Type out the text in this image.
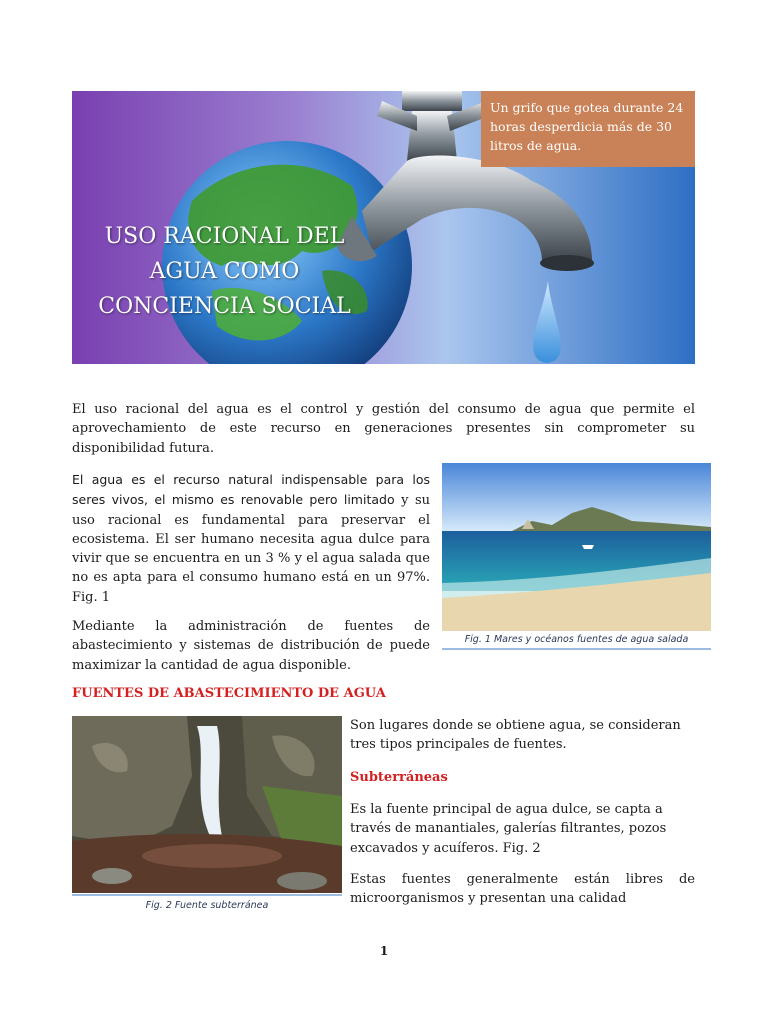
USO RACIONAL DEL
AGUA COMO
CONCIENCIA SOCIAL
Un grifo que gotea durante 24 horas desperdicia más de 30 litros de agua.

El uso racional del agua es el control y gestión del consumo de agua que permite el aprovechamiento de este recurso en generaciones presentes sin comprometer su disponibilidad futura.

El agua es el recurso natural indispensable para los seres vivos, el mismo es renovable pero limitado y su uso racional es fundamental para preservar el ecosistema. El ser humano necesita agua dulce para vivir que se encuentra en un 3 % y el agua salada que no es apta para el consumo humano está en un 97%. Fig. 1

Mediante la administración de fuentes de abastecimiento y sistemas de distribución de puede maximizar la cantidad de agua disponible.

Fig. 1 Mares y océanos fuentes de agua salada
FUENTES DE ABASTECIMIENTO DE AGUA
Fig. 2 Fuente subterránea

Son lugares donde se obtiene agua, se consideran tres tipos principales de fuentes.

Subterráneas

Es la fuente principal de agua dulce, se capta a través de manantiales, galerías filtrantes, pozos excavados y acuíferos. Fig. 2

Estas fuentes generalmente están libres de microorganismos y presentan una calidad

1
